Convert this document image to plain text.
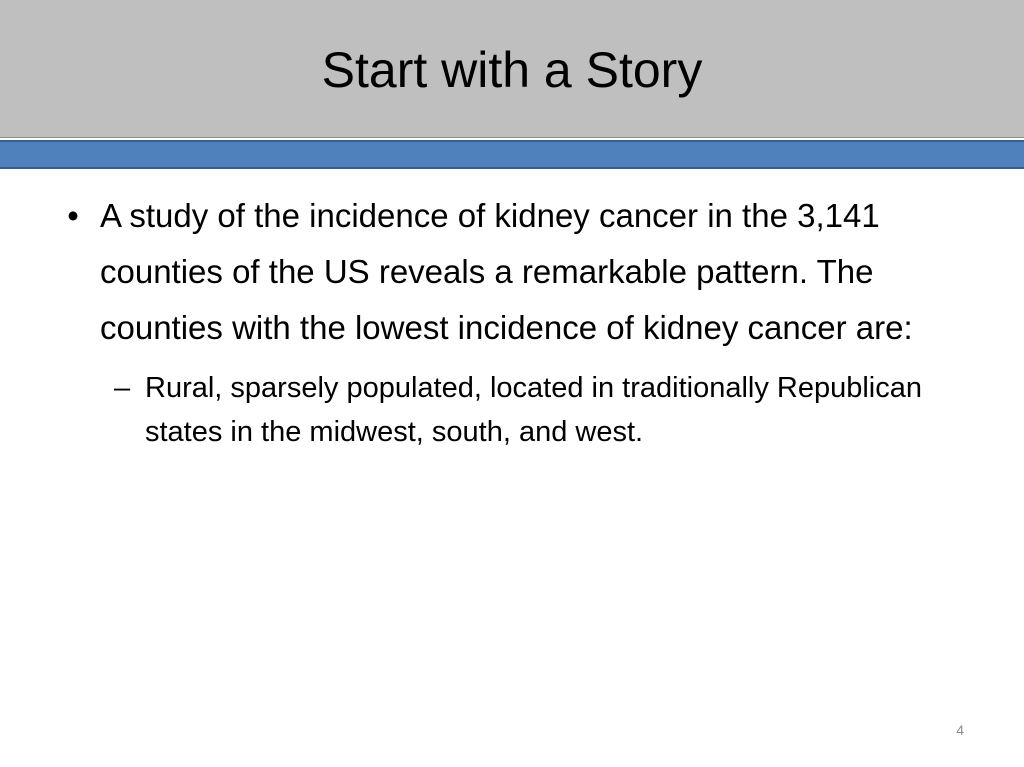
Start with a Story
• A study of the incidence of kidney cancer in the 3,141 counties of the US reveals a remarkable pattern. The counties with the lowest incidence of kidney cancer are:
– Rural, sparsely populated, located in traditionally Republican states in the midwest, south, and west.
4
